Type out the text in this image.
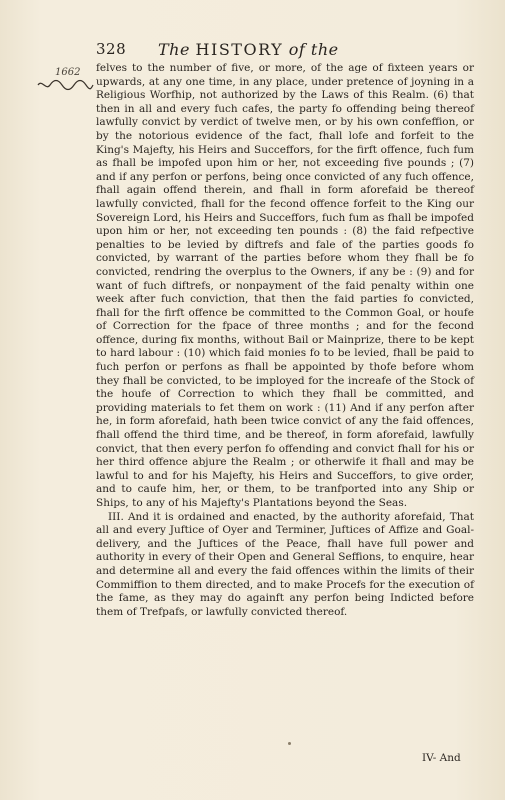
328 The HISTORY of the
1662 felves to the number of five, or more, of the age of fixteen years or upwards, at any one time, in any place, under pretence of joyning in a Religious Worfhip, not authorized by the Laws of this Realm. (6) that then in all and every fuch cafes, the party fo offending being thereof lawfully convict by verdict of twelve men, or by his own confeffion, or by the notorious evidence of the fact, fhall lofe and forfeit to the King's Majefty, his Heirs and Succeffors, for the firft offence, fuch fum as fhall be impofed upon him or her, not exceeding five pounds ; (7) and if any perfon or perfons, being once convicted of any fuch offence, fhall again offend therein, and fhall in form aforefaid be thereof lawfully convicted, fhall for the fecond offence forfeit to the King our Sovereign Lord, his Heirs and Succeffors, fuch fum as fhall be impofed upon him or her, not exceeding ten pounds : (8) the faid refpective penalties to be levied by diftrefs and fale of the parties goods fo convicted, by warrant of the parties before whom they fhall be fo convicted, rendring the overplus to the Owners, if any be : (9) and for want of fuch diftrefs, or nonpayment of the faid penalty within one week after fuch conviction, that then the faid parties fo convicted, fhall for the firft offence be committed to the Common Goal, or houfe of Correction for the fpace of three months ; and for the fecond offence, during fix months, without Bail or Mainprize, there to be kept to hard labour : (10) which faid monies fo to be levied, fhall be paid to fuch perfon or perfons as fhall be appointed by thofe before whom they fhall be convicted, to be imployed for the increafe of the Stock of the houfe of Correction to which they fhall be committed, and providing materials to fet them on work : (11) And if any perfon after he, in form aforefaid, hath been twice convict of any the faid offences, fhall offend the third time, and be thereof, in form aforefaid, lawfully convict, that then every perfon fo offending and convict fhall for his or her third offence abjure the Realm ; or otherwife it fhall and may be lawful to and for his Majefty, his Heirs and Succeffors, to give order, and to caufe him, her, or them, to be tranfported into any Ship or Ships, to any of his Majefty's Plantations beyond the Seas.

III. And it is ordained and enacted, by the authority aforefaid, That all and every Juftice of Oyer and Terminer, Juftices of Affize and Goal-delivery, and the Juftices of the Peace, fhall have full power and authority in every of their Open and General Seffions, to enquire, hear and determine all and every the faid offences within the limits of their Commiffion to them directed, and to make Procefs for the execution of the fame, as they may do againft any perfon being Indicted before them of Trefpafs, or lawfully convicted thereof.

IV- And
